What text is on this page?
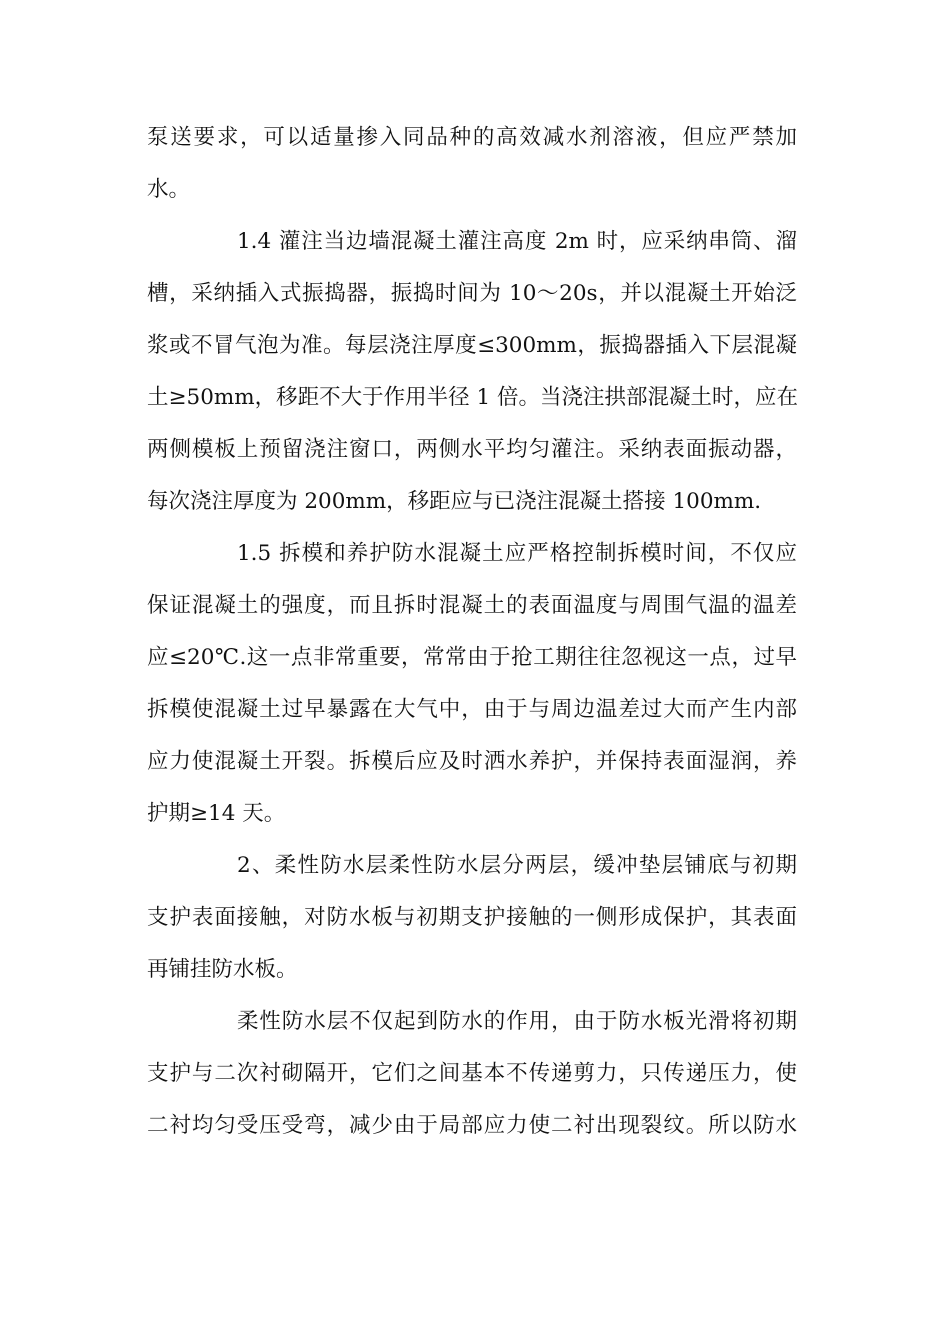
泵送要求，可以适量掺入同品种的高效减水剂溶液，但应严禁加
水。
1.4 灌注当边墙混凝土灌注高度 2m 时，应采纳串筒、溜
槽，采纳插入式振捣器，振捣时间为 10～20s，并以混凝土开始泛
浆或不冒气泡为准。每层浇注厚度≤300mm，振捣器插入下层混凝
土≥50mm，移距不大于作用半径 1 倍。当浇注拱部混凝土时，应在
两侧模板上预留浇注窗口，两侧水平均匀灌注。采纳表面振动器，
每次浇注厚度为 200mm，移距应与已浇注混凝土搭接 100mm.
1.5 拆模和养护防水混凝土应严格控制拆模时间，不仅应
保证混凝土的强度，而且拆时混凝土的表面温度与周围气温的温差
应≤20℃.这一点非常重要，常常由于抢工期往往忽视这一点，过早
拆模使混凝土过早暴露在大气中，由于与周边温差过大而产生内部
应力使混凝土开裂。拆模后应及时洒水养护，并保持表面湿润，养
护期≥14 天。
2、柔性防水层柔性防水层分两层，缓冲垫层铺底与初期
支护表面接触，对防水板与初期支护接触的一侧形成保护，其表面
再铺挂防水板。
柔性防水层不仅起到防水的作用，由于防水板光滑将初期
支护与二次衬砌隔开，它们之间基本不传递剪力，只传递压力，使
二衬均匀受压受弯，减少由于局部应力使二衬出现裂纹。所以防水
